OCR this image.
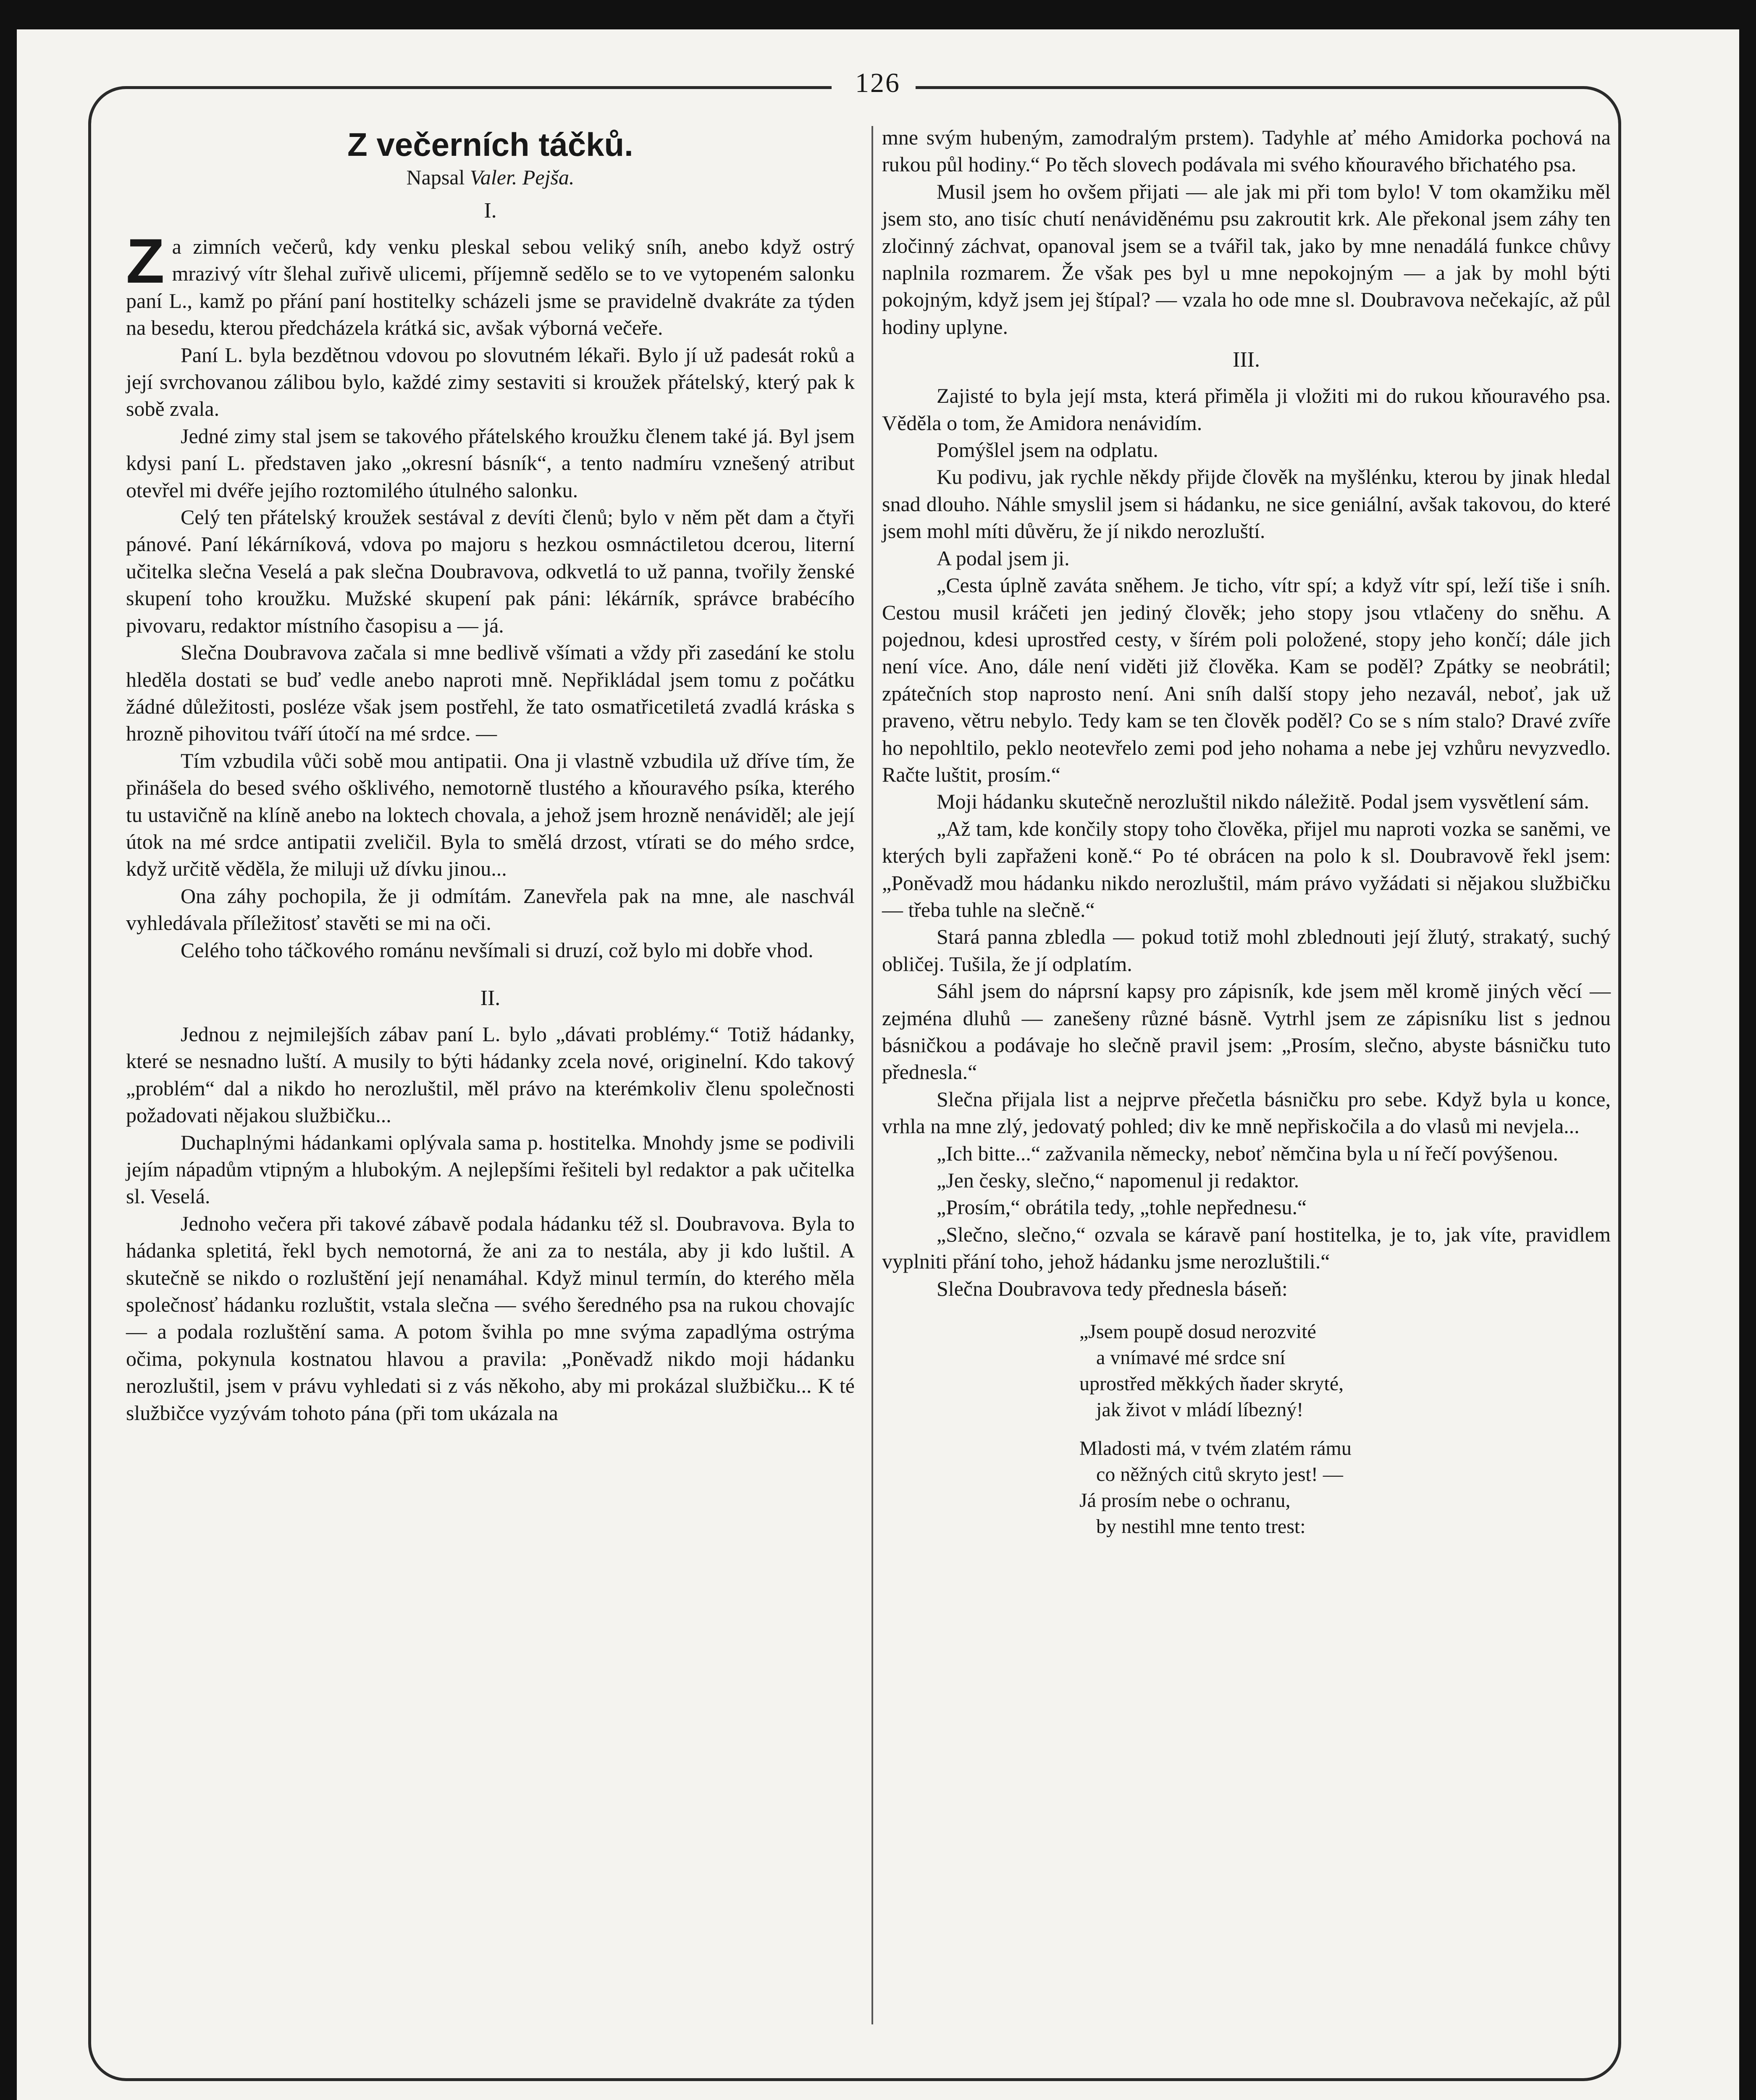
126
Z večerních táčků.
Napsal Valer. Pejša.
I.

Za zimních večerů, kdy venku pleskal sebou veliký sníh, anebo když ostrý mrazivý vítr šlehal zuřivě ulicemi, příjemně sedělo se to ve vytopeném salonku paní L., kamž po přání paní hostitelky scházeli jsme se pravidelně dvakráte za týden na besedu, kterou předcházela krátká sic, avšak výborná večeře.

Paní L. byla bezdětnou vdovou po slovutném lékaři. Bylo jí už padesát roků a její svrchovanou zálibou bylo, každé zimy sestaviti si kroužek přátelský, který pak k sobě zvala.

Jedné zimy stal jsem se takového přátelského kroužku členem také já. Byl jsem kdysi paní L. představen jako „okresní básník“, a tento nadmíru vznešený atribut otevřel mi dvéře jejího roztomilého útulného salonku.

Celý ten přátelský kroužek sestával z devíti členů; bylo v něm pět dam a čtyři pánové. Paní lékárníková, vdova po majoru s hezkou osmnáctiletou dcerou, literní učitelka slečna Veselá a pak slečna Doubravova, odkvetlá to už panna, tvořily ženské skupení toho kroužku. Mužské skupení pak páni: lékárník, správce brabécího pivovaru, redaktor místního časopisu a — já.

Slečna Doubravova začala si mne bedlivě všímati a vždy při zasedání ke stolu hleděla dostati se buď vedle anebo naproti mně. Nepřikládal jsem tomu z počátku žádné důležitosti, posléze však jsem postřehl, že tato osmatřicetiletá zvadlá kráska s hrozně pihovitou tváří útočí na mé srdce. —

Tím vzbudila vůči sobě mou antipatii. Ona ji vlastně vzbudila už dříve tím, že přinášela do besed svého ošklivého, nemotorně tlustého a kňouravého psíka, kterého tu ustavičně na klíně anebo na loktech chovala, a jehož jsem hrozně nenáviděl; ale její útok na mé srdce antipatii zveličil. Byla to smělá drzost, vtírati se do mého srdce, když určitě věděla, že miluji už dívku jinou...

Ona záhy pochopila, že ji odmítám. Zanevřela pak na mne, ale naschvál vyhledávala příležitosť stavěti se mi na oči.

Celého toho táčkového románu nevšímali si druzí, což bylo mi dobře vhod.

II.

Jednou z nejmilejších zábav paní L. bylo „dávati problémy.“ Totiž hádanky, které se nesnadno luští. A musily to býti hádanky zcela nové, originelní. Kdo takový „problém“ dal a nikdo ho nerozluštil, měl právo na kterémkoliv členu společnosti požadovati nějakou službičku...

Duchaplnými hádankami oplývala sama p. hostitelka. Mnohdy jsme se podivili jejím nápadům vtipným a hlubokým. A nejlepšími řešiteli byl redaktor a pak učitelka sl. Veselá.

Jednoho večera při takové zábavě podala hádanku též sl. Doubravova. Byla to hádanka spletitá, řekl bych nemotorná, že ani za to nestála, aby ji kdo luštil. A skutečně se nikdo o rozluštění její nenamáhal. Když minul termín, do kterého měla společnosť hádanku rozluštit, vstala slečna — svého šeredného psa na rukou chovajíc — a podala rozluštění sama. A potom švihla po mne svýma zapadlýma ostrýma očima, pokynula kostnatou hlavou a pravila: „Poněvadž nikdo moji hádanku nerozluštil, jsem v právu vyhledati si z vás někoho, aby mi prokázal službičku... K té službičce vyzývám tohoto pána (při tom ukázala na

mne svým hubeným, zamodralým prstem). Tadyhle ať mého Amidorka pochová na rukou půl hodiny.“ Po těch slovech podávala mi svého kňouravého břichatého psa.

Musil jsem ho ovšem přijati — ale jak mi při tom bylo! V tom okamžiku měl jsem sto, ano tisíc chutí nenáviděnému psu zakroutit krk. Ale překonal jsem záhy ten zločinný záchvat, opanoval jsem se a tvářil tak, jako by mne nenadálá funkce chůvy naplnila rozmarem. Že však pes byl u mne nepokojným — a jak by mohl býti pokojným, když jsem jej štípal? — vzala ho ode mne sl. Doubravova nečekajíc, až půl hodiny uplyne.

III.

Zajisté to byla její msta, která přiměla ji vložiti mi do rukou kňouravého psa. Věděla o tom, že Amidora nenávidím.

Pomýšlel jsem na odplatu.

Ku podivu, jak rychle někdy přijde člověk na myšlénku, kterou by jinak hledal snad dlouho. Náhle smyslil jsem si hádanku, ne sice geniální, avšak takovou, do které jsem mohl míti důvěru, že jí nikdo nerozluští.

A podal jsem ji.

„Cesta úplně zaváta sněhem. Je ticho, vítr spí; a když vítr spí, leží tiše i sníh. Cestou musil kráčeti jen jediný člověk; jeho stopy jsou vtlačeny do sněhu. A pojednou, kdesi uprostřed cesty, v šírém poli položené, stopy jeho končí; dále jich není více. Ano, dále není viděti již člověka. Kam se poděl? Zpátky se neobrátil; zpátečních stop naprosto není. Ani sníh další stopy jeho nezavál, neboť, jak už praveno, větru nebylo. Tedy kam se ten člověk poděl? Co se s ním stalo? Dravé zvíře ho nepohltilo, peklo neotevřelo zemi pod jeho nohama a nebe jej vzhůru nevyzvedlo. Račte luštit, prosím.“

Moji hádanku skutečně nerozluštil nikdo náležitě. Podal jsem vysvětlení sám.

„Až tam, kde končily stopy toho člověka, přijel mu naproti vozka se saněmi, ve kterých byli zapřaženi koně.“ Po té obrácen na polo k sl. Doubravově řekl jsem: „Poněvadž mou hádanku nikdo nerozluštil, mám právo vyžádati si nějakou službičku — třeba tuhle na slečně.“

Stará panna zbledla — pokud totiž mohl zblednouti její žlutý, strakatý, suchý obličej. Tušila, že jí odplatím.

Sáhl jsem do náprsní kapsy pro zápisník, kde jsem měl kromě jiných věcí — zejména dluhů — zanešeny různé básně. Vytrhl jsem ze zápisníku list s jednou básničkou a podávaje ho slečně pravil jsem: „Prosím, slečno, abyste básničku tuto přednesla.“

Slečna přijala list a nejprve přečetla básničku pro sebe. Když byla u konce, vrhla na mne zlý, jedovatý pohled; div ke mně nepřiskočila a do vlasů mi nevjela...

„Ich bitte...“ zažvanila německy, neboť němčina byla u ní řečí povýšenou.

„Jen česky, slečno,“ napomenul ji redaktor.

„Prosím,“ obrátila tedy, „tohle nepřednesu.“

„Slečno, slečno,“ ozvala se káravě paní hostitelka, je to, jak víte, pravidlem vyplniti přání toho, jehož hádanku jsme nerozluštili.“

Slečna Doubravova tedy přednesla báseň:

„Jsem poupě dosud nerozvité
a vnímavé mé srdce sní
uprostřed měkkých ňader skryté,
jak život v mládí líbezný!
Mladosti má, v tvém zlatém rámu
co něžných citů skryto jest! —
Já prosím nebe o ochranu,
by nestihl mne tento trest:
